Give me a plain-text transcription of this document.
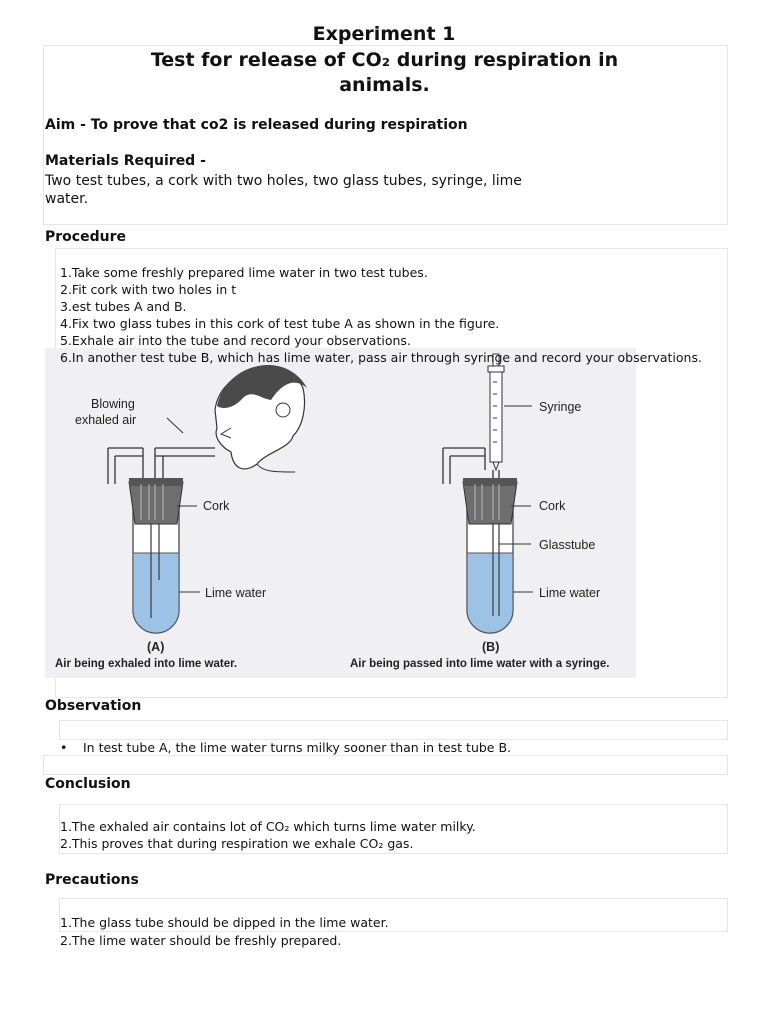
Experiment 1
Test for release of CO₂ during respiration in
animals.
Aim - To prove that co2 is released during respiration
Materials Required -
Two test tubes, a cork with two holes, two glass tubes, syringe, lime
water.
Procedure
Blowing
exhaled air
Cork
Lime water
(A)
Air being exhaled into lime water.
Syringe
Cork
Glasstube
Lime water
(B)
Air being passed into lime water with a syringe.
1.Take some freshly prepared lime water in two test tubes.
2.Fit cork with two holes in t
3.est tubes A and B.
4.Fix two glass tubes in this cork of test tube A as shown in the figure.
5.Exhale air into the tube and record your observations.
6.In another test tube B, which has lime water, pass air through syringe and record your observations.
Observation
• In test tube A, the lime water turns milky sooner than in test tube B.
Conclusion
1.The exhaled air contains lot of CO₂ which turns lime water milky.
2.This proves that during respiration we exhale CO₂ gas.
Precautions
1.The glass tube should be dipped in the lime water.
2.The lime water should be freshly prepared.
